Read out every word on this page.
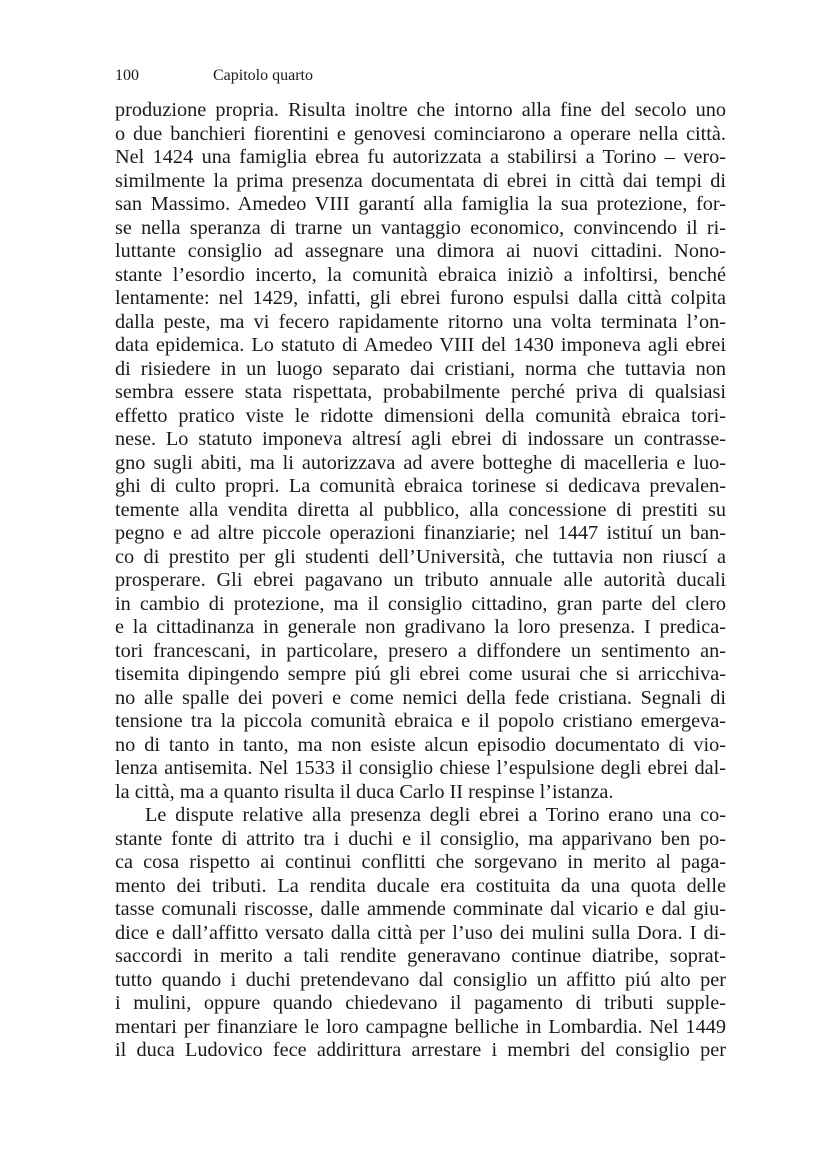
100	Capitolo quarto
produzione propria. Risulta inoltre che intorno alla fine del secolo uno
o due banchieri fiorentini e genovesi cominciarono a operare nella città.
Nel 1424 una famiglia ebrea fu autorizzata a stabilirsi a Torino – vero-
similmente la prima presenza documentata di ebrei in città dai tempi di
san Massimo. Amedeo VIII garantí alla famiglia la sua protezione, for-
se nella speranza di trarne un vantaggio economico, convincendo il ri-
luttante consiglio ad assegnare una dimora ai nuovi cittadini. Nono-
stante l’esordio incerto, la comunità ebraica iniziò a infoltirsi, benché
lentamente: nel 1429, infatti, gli ebrei furono espulsi dalla città colpita
dalla peste, ma vi fecero rapidamente ritorno una volta terminata l’on-
data epidemica. Lo statuto di Amedeo VIII del 1430 imponeva agli ebrei
di risiedere in un luogo separato dai cristiani, norma che tuttavia non
sembra essere stata rispettata, probabilmente perché priva di qualsiasi
effetto pratico viste le ridotte dimensioni della comunità ebraica tori-
nese. Lo statuto imponeva altresí agli ebrei di indossare un contrasse-
gno sugli abiti, ma li autorizzava ad avere botteghe di macelleria e luo-
ghi di culto propri. La comunità ebraica torinese si dedicava prevalen-
temente alla vendita diretta al pubblico, alla concessione di prestiti su
pegno e ad altre piccole operazioni finanziarie; nel 1447 istituí un ban-
co di prestito per gli studenti dell’Università, che tuttavia non riuscí a
prosperare. Gli ebrei pagavano un tributo annuale alle autorità ducali
in cambio di protezione, ma il consiglio cittadino, gran parte del clero
e la cittadinanza in generale non gradivano la loro presenza. I predica-
tori francescani, in particolare, presero a diffondere un sentimento an-
tisemita dipingendo sempre piú gli ebrei come usurai che si arricchiva-
no alle spalle dei poveri e come nemici della fede cristiana. Segnali di
tensione tra la piccola comunità ebraica e il popolo cristiano emergeva-
no di tanto in tanto, ma non esiste alcun episodio documentato di vio-
lenza antisemita. Nel 1533 il consiglio chiese l’espulsione degli ebrei dal-
la città, ma a quanto risulta il duca Carlo II respinse l’istanza.
Le dispute relative alla presenza degli ebrei a Torino erano una co-
stante fonte di attrito tra i duchi e il consiglio, ma apparivano ben po-
ca cosa rispetto ai continui conflitti che sorgevano in merito al paga-
mento dei tributi. La rendita ducale era costituita da una quota delle
tasse comunali riscosse, dalle ammende comminate dal vicario e dal giu-
dice e dall’affitto versato dalla città per l’uso dei mulini sulla Dora. I di-
saccordi in merito a tali rendite generavano continue diatribe, soprat-
tutto quando i duchi pretendevano dal consiglio un affitto piú alto per
i mulini, oppure quando chiedevano il pagamento di tributi supple-
mentari per finanziare le loro campagne belliche in Lombardia. Nel 1449
il duca Ludovico fece addirittura arrestare i membri del consiglio per
